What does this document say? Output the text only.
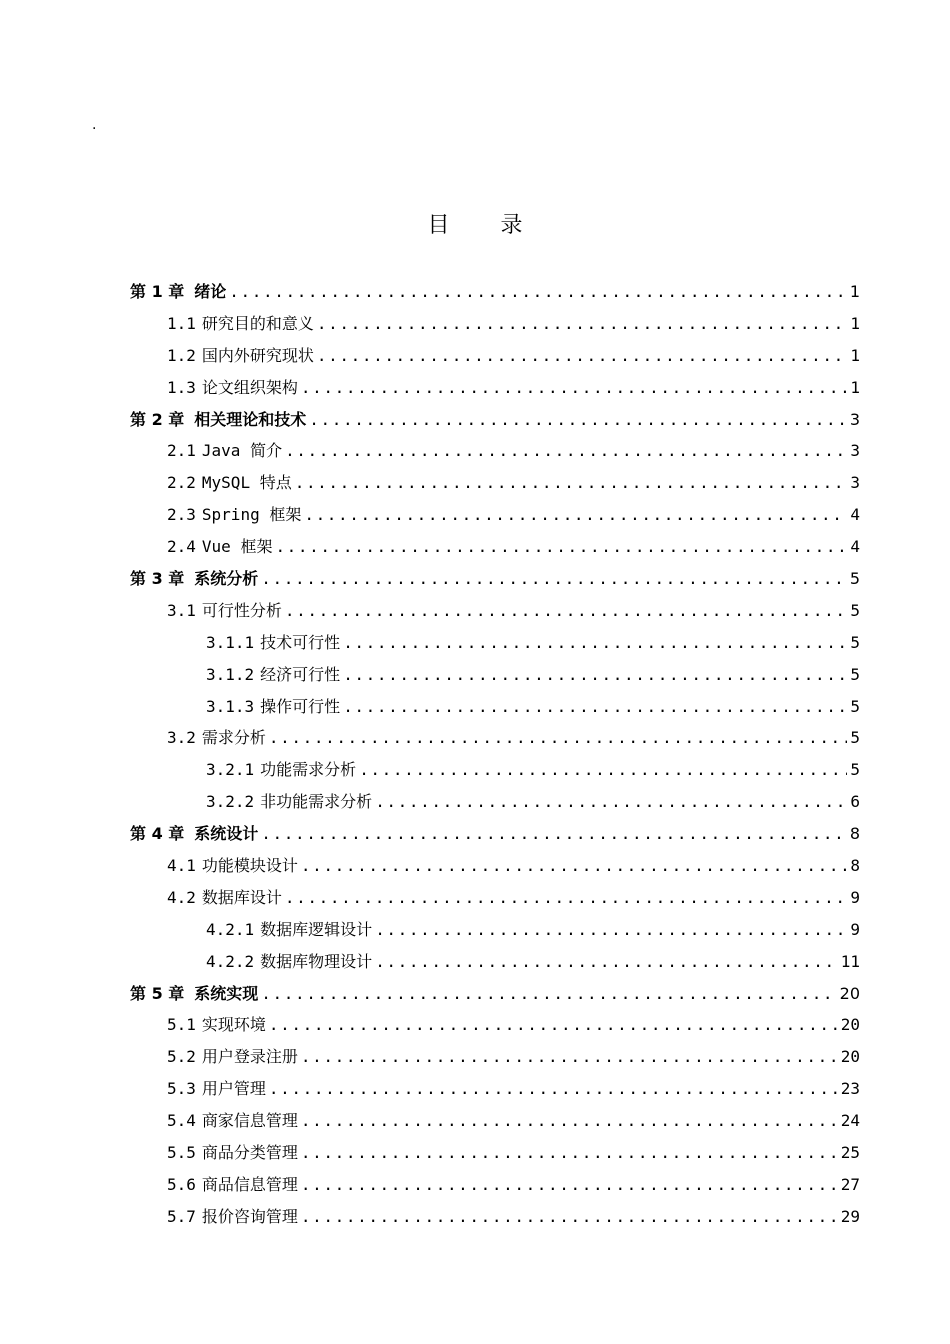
.
目 录
第 1 章 绪论 .....	1
1.1 研究目的和意义 .....	1
1.2 国内外研究现状 .....	1
1.3 论文组织架构 .....	1
第 2 章 相关理论和技术 .....	3
2.1 Java 简介 .....	3
2.2 MySQL 特点 .....	3
2.3 Spring 框架 .....	4
2.4 Vue 框架 .....	4
第 3 章 系统分析 .....	5
3.1 可行性分析 .....	5
3.1.1 技术可行性 .....	5
3.1.2 经济可行性 .....	5
3.1.3 操作可行性 .....	5
3.2 需求分析 .....	5
3.2.1 功能需求分析 .....	5
3.2.2 非功能需求分析 .....	6
第 4 章 系统设计 .....	8
4.1 功能模块设计 .....	8
4.2 数据库设计 .....	9
4.2.1 数据库逻辑设计 .....	9
4.2.2 数据库物理设计 .....	11
第 5 章 系统实现 .....	20
5.1 实现环境 .....	20
5.2 用户登录注册 .....	20
5.3 用户管理 .....	23
5.4 商家信息管理 .....	24
5.5 商品分类管理 .....	25
5.6 商品信息管理 .....	27
5.7 报价咨询管理 .....	29
